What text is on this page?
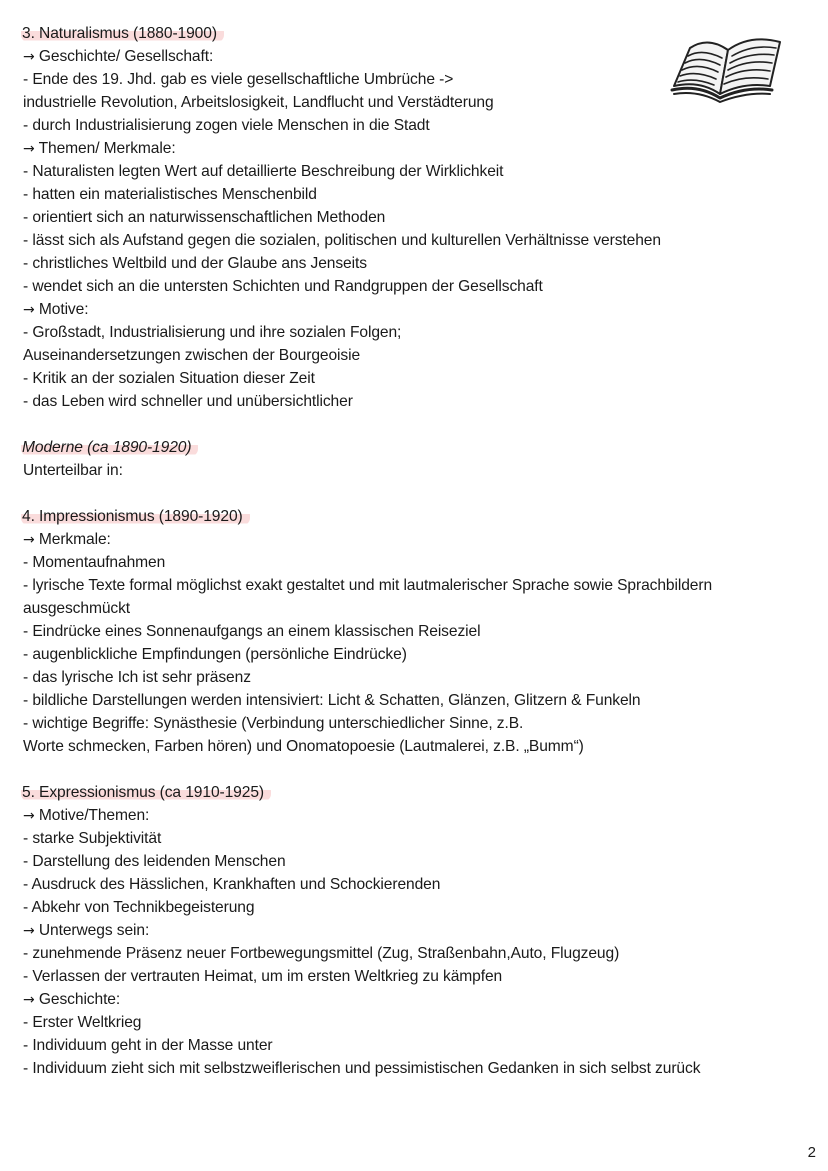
3. Naturalismus (1880-1900)
→ Geschichte/ Gesellschaft:
- Ende des 19. Jhd. gab es viele gesellschaftliche Umbrüche ->
industrielle Revolution, Arbeitslosigkeit, Landflucht und Verstädterung
- durch Industrialisierung zogen viele Menschen in die Stadt
→ Themen/ Merkmale:
- Naturalisten legten Wert auf detaillierte Beschreibung der Wirklichkeit
- hatten ein materialistisches Menschenbild
- orientiert sich an naturwissenschaftlichen Methoden
- lässt sich als Aufstand gegen die sozialen, politischen und kulturellen Verhältnisse verstehen
- christliches Weltbild und der Glaube ans Jenseits
- wendet sich an die untersten Schichten und Randgruppen der Gesellschaft
→ Motive:
- Großstadt, Industrialisierung und ihre sozialen Folgen;
Auseinandersetzungen zwischen der Bourgeoisie
- Kritik an der sozialen Situation dieser Zeit
- das Leben wird schneller und unübersichtlicher
Moderne (ca 1890-1920)
Unterteilbar in:
4. Impressionismus (1890-1920)
→ Merkmale:
- Momentaufnahmen
- lyrische Texte formal möglichst exakt gestaltet und mit lautmalerischer Sprache sowie Sprachbildern
ausgeschmückt
- Eindrücke eines Sonnenaufgangs an einem klassischen Reiseziel
- augenblickliche Empfindungen (persönliche Eindrücke)
- das lyrische Ich ist sehr präsenz
- bildliche Darstellungen werden intensiviert: Licht & Schatten, Glänzen, Glitzern & Funkeln
- wichtige Begriffe: Synästhesie (Verbindung unterschiedlicher Sinne, z.B.
Worte schmecken, Farben hören) und Onomatopoesie (Lautmalerei, z.B. „Bumm“)
5. Expressionismus (ca 1910-1925)
→ Motive/Themen:
- starke Subjektivität
- Darstellung des leidenden Menschen
- Ausdruck des Hässlichen, Krankhaften und Schockierenden
- Abkehr von Technikbegeisterung
→ Unterwegs sein:
- zunehmende Präsenz neuer Fortbewegungsmittel (Zug, Straßenbahn,Auto, Flugzeug)
- Verlassen der vertrauten Heimat, um im ersten Weltkrieg zu kämpfen
→ Geschichte:
- Erster Weltkrieg
- Individuum geht in der Masse unter
- Individuum zieht sich mit selbstzweiflerischen und pessimistischen Gedanken in sich selbst zurück
2
